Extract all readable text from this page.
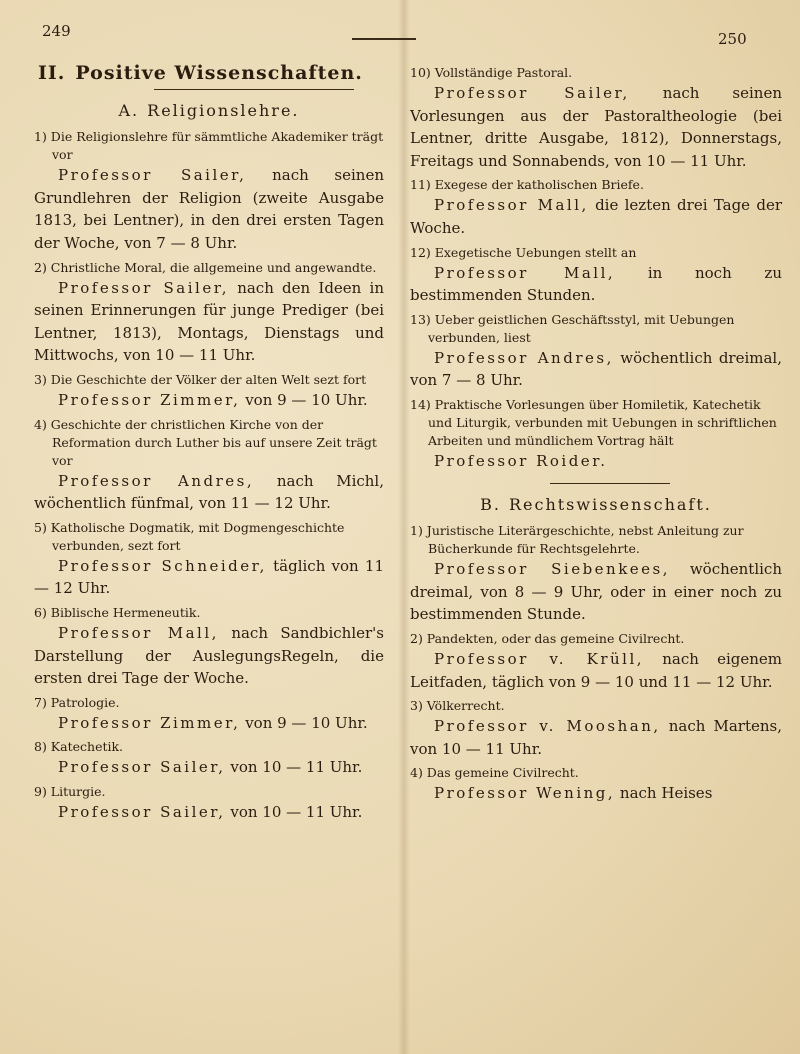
249	250
II. Positive Wissenschaften.
A. Religionslehre.
1) Die Religionslehre für sämmtliche Akademiker trägt vor
Professor Sailer, nach seinen Grundlehren der Religion (zweite Ausgabe 1813, bei Lentner), in den drei ersten Tagen der Woche, von 7 — 8 Uhr.
2) Christliche Moral, die allgemeine und angewandte.
Professor Sailer, nach den Ideen in seinen Erinnerungen für junge Prediger (bei Lentner, 1813), Montags, Dienstags und Mittwochs, von 10 — 11 Uhr.
3) Die Geschichte der Völker der alten Welt sezt fort
Professor Zimmer, von 9 — 10 Uhr.
4) Geschichte der christlichen Kirche von der Reformation durch Luther bis auf unsere Zeit trägt vor
Professor Andres, nach Michl, wöchentlich fünfmal, von 11 — 12 Uhr.
5) Katholische Dogmatik, mit Dogmengeschichte verbunden, sezt fort
Professor Schneider, täglich von 11 — 12 Uhr.
6) Biblische Hermeneutik.
Professor Mall, nach Sandbichler's Darstellung der AuslegungsRegeln, die ersten drei Tage der Woche.
7) Patrologie.
Professor Zimmer, von 9 — 10 Uhr.
8) Katechetik.
Professor Sailer, von 10 — 11 Uhr.
9) Liturgie.
Professor Sailer, von 10 — 11 Uhr.
10) Vollständige Pastoral.
Professor Sailer, nach seinen Vorlesungen aus der Pastoraltheologie (bei Lentner, dritte Ausgabe, 1812), Donnerstags, Freitags und Sonnabends, von 10 — 11 Uhr.
11) Exegese der katholischen Briefe.
Professor Mall, die lezten drei Tage der Woche.
12) Exegetische Uebungen stellt an
Professor Mall, in noch zu bestimmenden Stunden.
13) Ueber geistlichen Geschäftsstyl, mit Uebungen verbunden, liest
Professor Andres, wöchentlich dreimal, von 7 — 8 Uhr.
14) Praktische Vorlesungen über Homiletik, Katechetik und Liturgik, verbunden mit Uebungen in schriftlichen Arbeiten und mündlichem Vortrag hält
Professor Roider.
B. Rechtswissenschaft.
1) Juristische Literärgeschichte, nebst Anleitung zur Bücherkunde für Rechtsgelehrte.
Professor Siebenkees, wöchentlich dreimal, von 8 — 9 Uhr, oder in einer noch zu bestimmenden Stunde.
2) Pandekten, oder das gemeine Civilrecht.
Professor v. Krüll, nach eigenem Leitfaden, täglich von 9 — 10 und 11 — 12 Uhr.
3) Völkerrecht.
Professor v. Mooshan, nach Martens, von 10 — 11 Uhr.
4) Das gemeine Civilrecht.
Professor Wening, nach Heises
